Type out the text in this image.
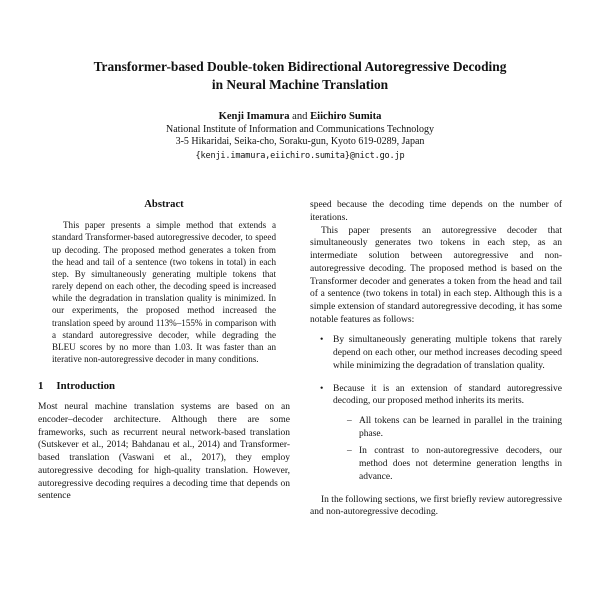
Transformer-based Double-token Bidirectional Autoregressive Decoding
in Neural Machine Translation
Kenji Imamura and Eiichiro Sumita
National Institute of Information and Communications Technology
3-5 Hikaridai, Seika-cho, Soraku-gun, Kyoto 619-0289, Japan
{kenji.imamura,eiichiro.sumita}@nict.go.jp
Abstract

This paper presents a simple method that extends a standard Transformer-based autoregressive decoder, to speed up decoding. The proposed method generates a token from the head and tail of a sentence (two tokens in total) in each step. By simultaneously generating multiple tokens that rarely depend on each other, the decoding speed is increased while the degradation in translation quality is minimized. In our experiments, the proposed method increased the translation speed by around 113%–155% in comparison with a standard autoregressive decoder, while degrading the BLEU scores by no more than 1.03. It was faster than an iterative non-autoregressive decoder in many conditions.

1 Introduction

Most neural machine translation systems are based on an encoder–decoder architecture. Although there are some frameworks, such as recurrent neural network-based translation (Sutskever et al., 2014; Bahdanau et al., 2014) and Transformer-based translation (Vaswani et al., 2017), they employ autoregressive decoding for high-quality translation. However, autoregressive decoding requires a decoding time that depends on sentence

speed because the decoding time depends on the number of iterations.

This paper presents an autoregressive decoder that simultaneously generates two tokens in each step, as an intermediate solution between autoregressive and non-autoregressive decoding. The proposed method is based on the Transformer decoder and generates a token from the head and tail of a sentence (two tokens in total) in each step. Although this is a simple extension of standard autoregressive decoding, it has some notable features as follows:

• By simultaneously generating multiple tokens that rarely depend on each other, our method increases decoding speed while minimizing the degradation of translation quality.
• Because it is an extension of standard autoregressive decoding, our proposed method inherits its merits.
– All tokens can be learned in parallel in the training phase.
– In contrast to non-autoregressive decoders, our method does not determine generation lengths in advance.

In the following sections, we first briefly review autoregressive and non-autoregressive decoding.
